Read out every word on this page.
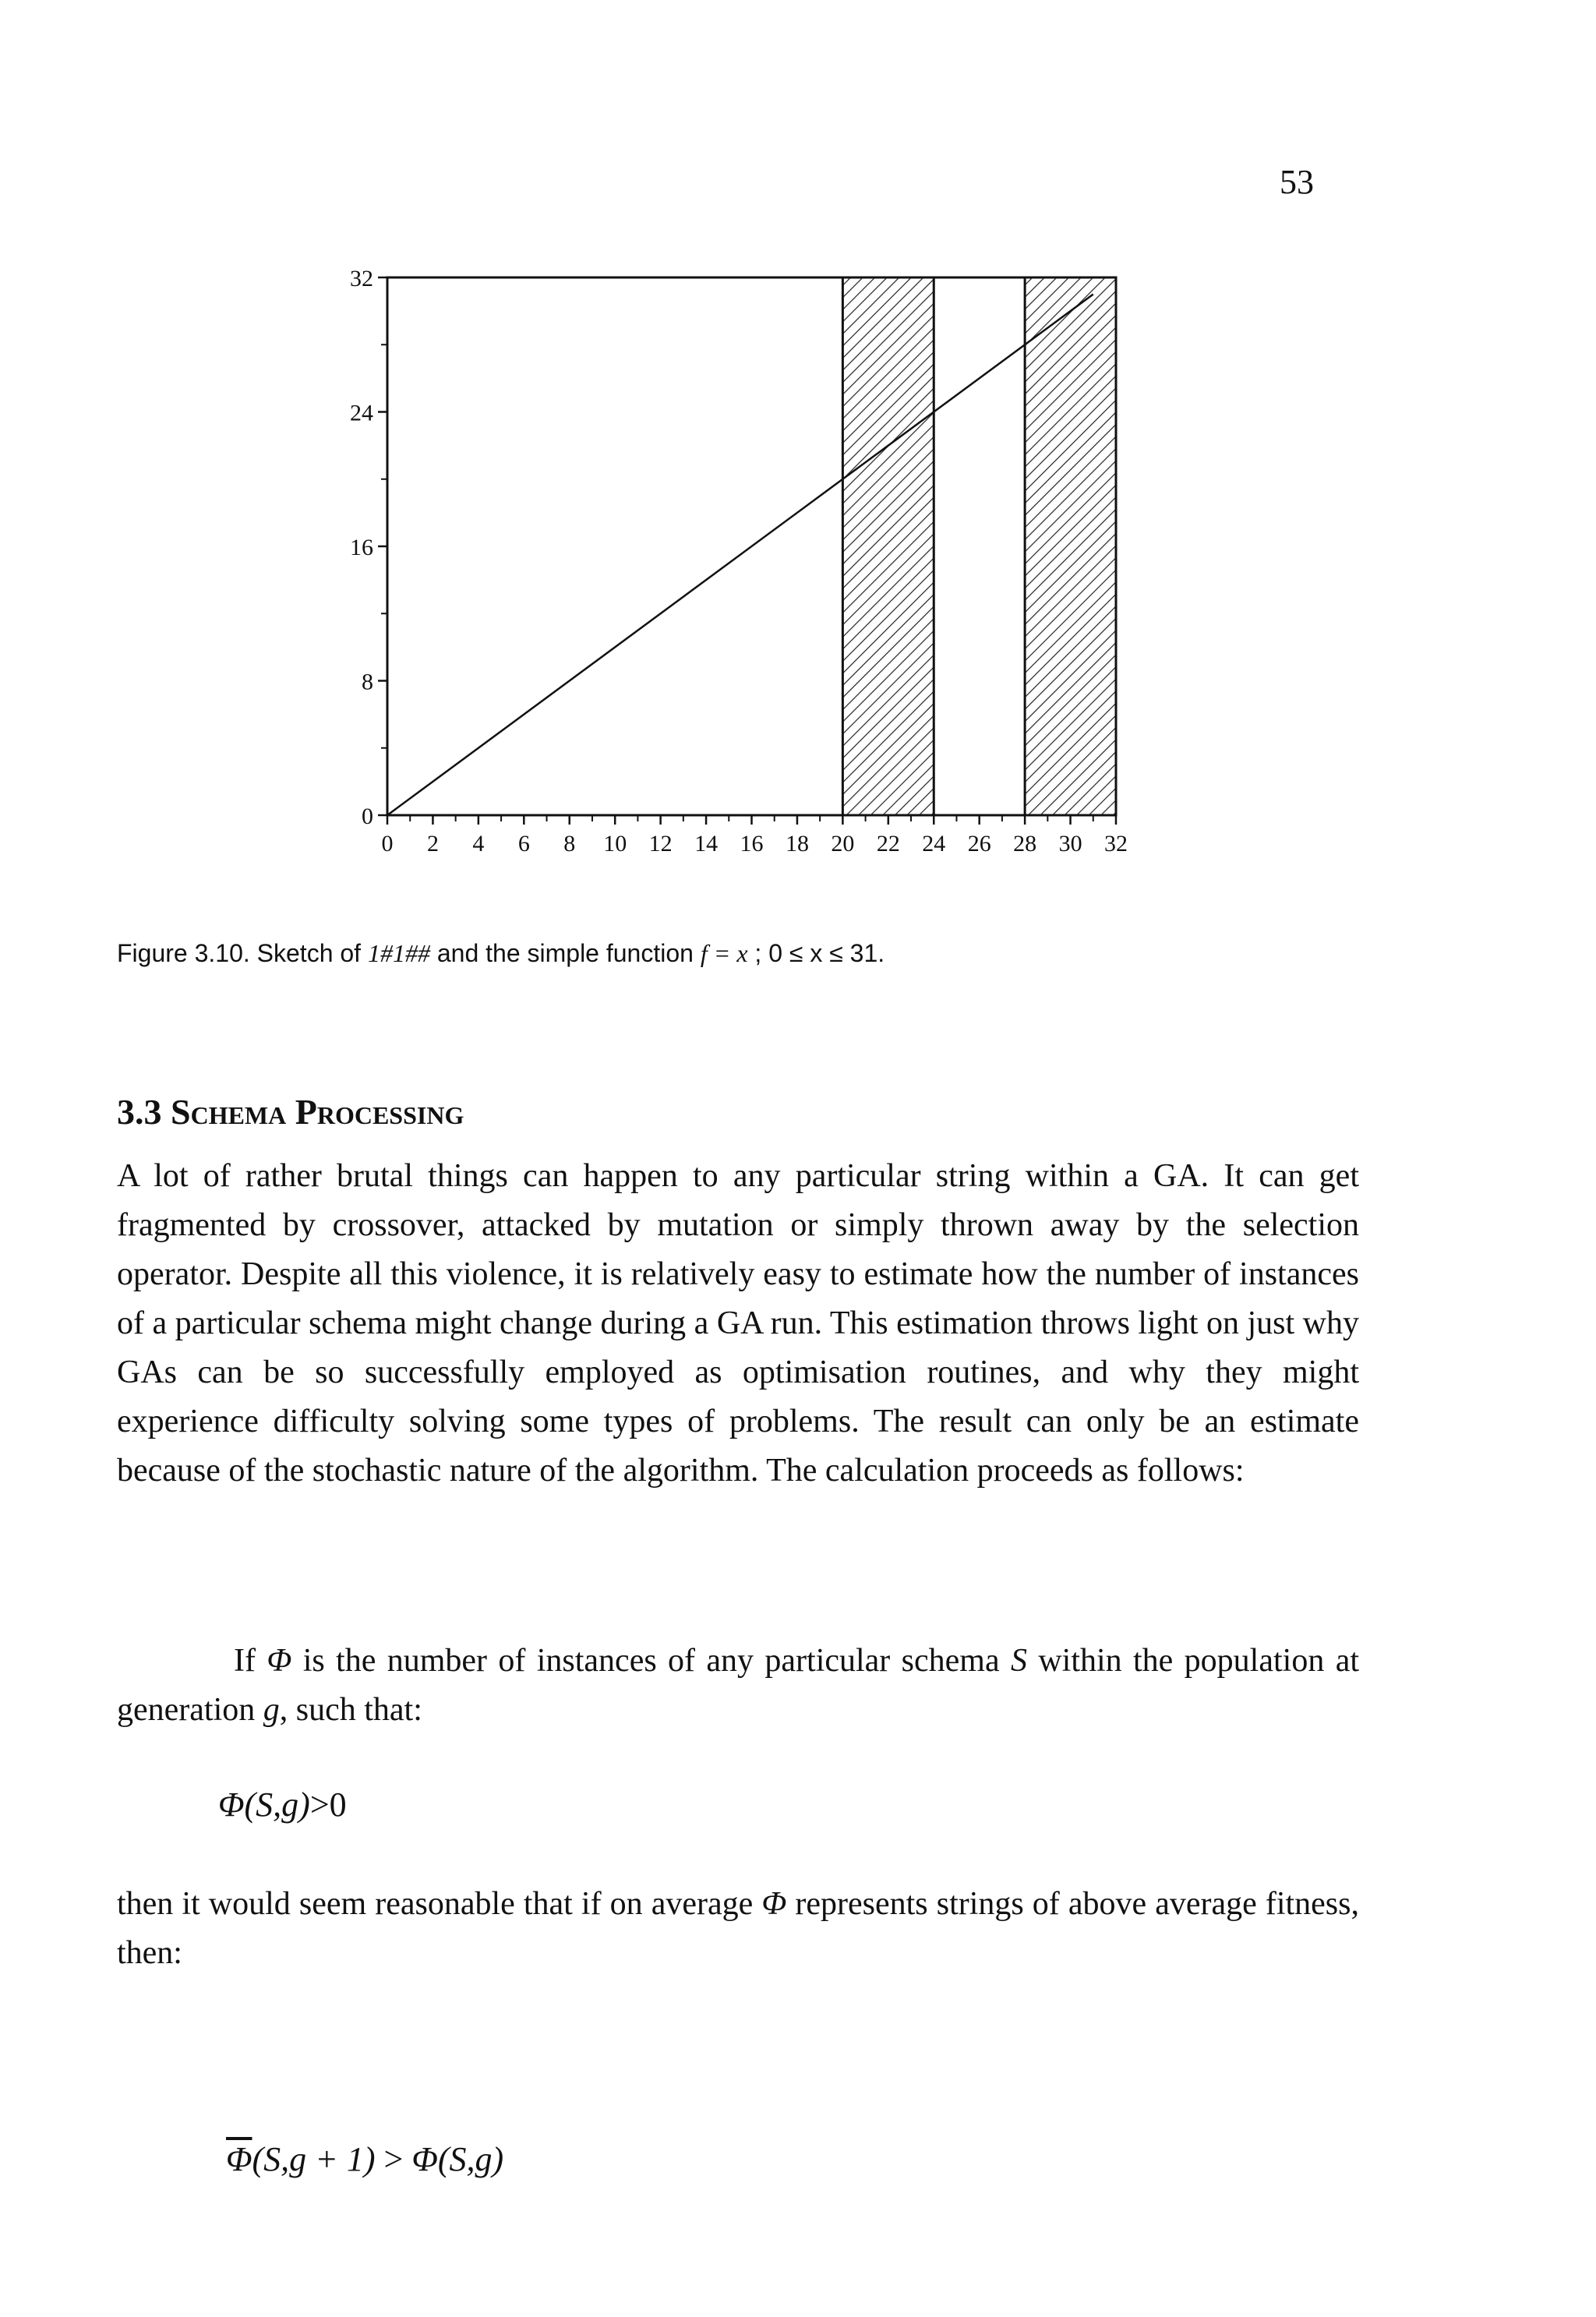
53
0
8
16
24
32
0 2 4 6 8 10 12 14 16 18 20 22 24 26 28 30 32
Figure 3.10. Sketch of 1#1## and the simple function f = x ; 0 ≤ x ≤ 31.
3.3 Schema Processing

A lot of rather brutal things can happen to any particular string within a GA. It can get fragmented by crossover, attacked by mutation or simply thrown away by the selection operator. Despite all this violence, it is relatively easy to estimate how the number of instances of a particular schema might change during a GA run. This estimation throws light on just why GAs can be so successfully employed as optimisation routines, and why they might experience difficulty solving some types of problems. The result can only be an estimate because of the stochastic nature of the algorithm. The calculation proceeds as follows:

If Φ is the number of instances of any particular schema S within the population at generation g, such that:

Φ(S,g)>0

then it would seem reasonable that if on average Φ represents strings of above average fitness, then:

$\overline{\Phi}(S,g + 1) > \Phi(S,g)$
